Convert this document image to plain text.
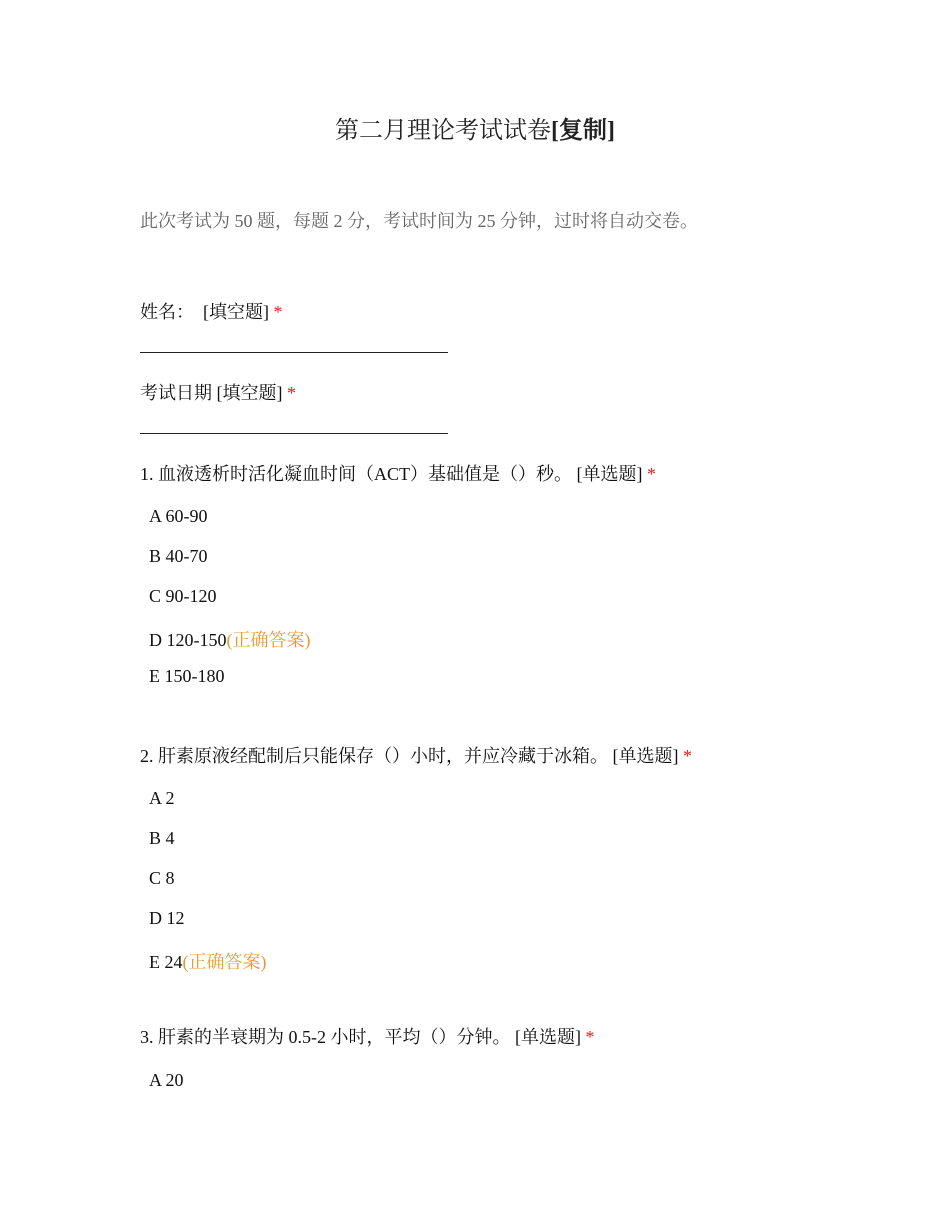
第二月理论考试试卷[复制]
此次考试为 50 题，每题 2 分，考试时间为 25 分钟，过时将自动交卷。
姓名： [填空题] *
考试日期 [填空题] *
1. 血液透析时活化凝血时间（ACT）基础值是（）秒。 [单选题] *
A 60-90
B 40-70
C 90-120
D 120-150(正确答案)
E 150-180
2. 肝素原液经配制后只能保存（）小时，并应冷藏于冰箱。 [单选题] *
A 2
B 4
C 8
D 12
E 24(正确答案)
3. 肝素的半衰期为 0.5-2 小时，平均（）分钟。 [单选题] *
A 20
